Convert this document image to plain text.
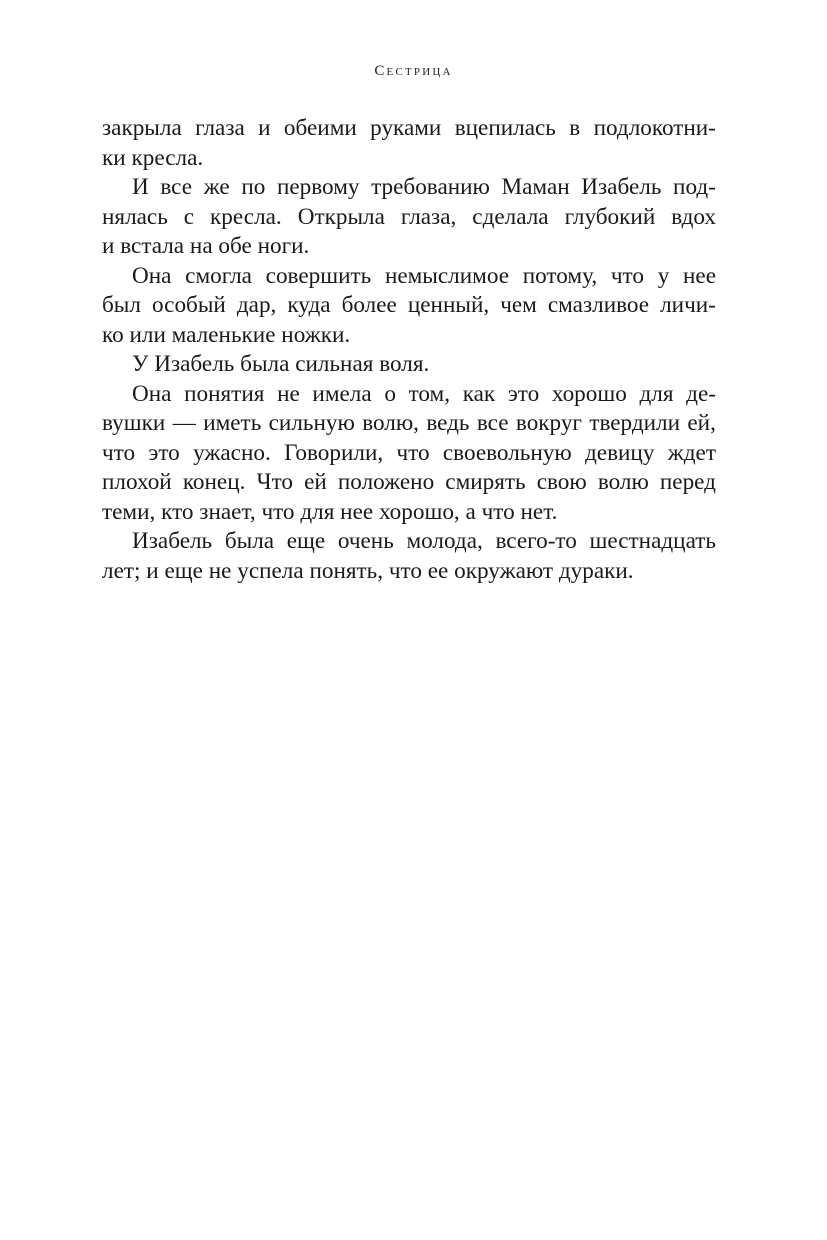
Сестрица
закрыла глаза и обеими руками вцепилась в подлокотни-
ки кресла.
И все же по первому требованию Маман Изабель под-
нялась с кресла. Открыла глаза, сделала глубокий вдох
и встала на обе ноги.
Она смогла совершить немыслимое потому, что у нее
был особый дар, куда более ценный, чем смазливое личи-
ко или маленькие ножки.
У Изабель была сильная воля.
Она понятия не имела о том, как это хорошо для де-
вушки — иметь сильную волю, ведь все вокруг твердили ей,
что это ужасно. Говорили, что своевольную девицу ждет
плохой конец. Что ей положено смирять свою волю перед
теми, кто знает, что для нее хорошо, а что нет.
Изабель была еще очень молода, всего-то шестнадцать
лет; и еще не успела понять, что ее окружают дураки.
